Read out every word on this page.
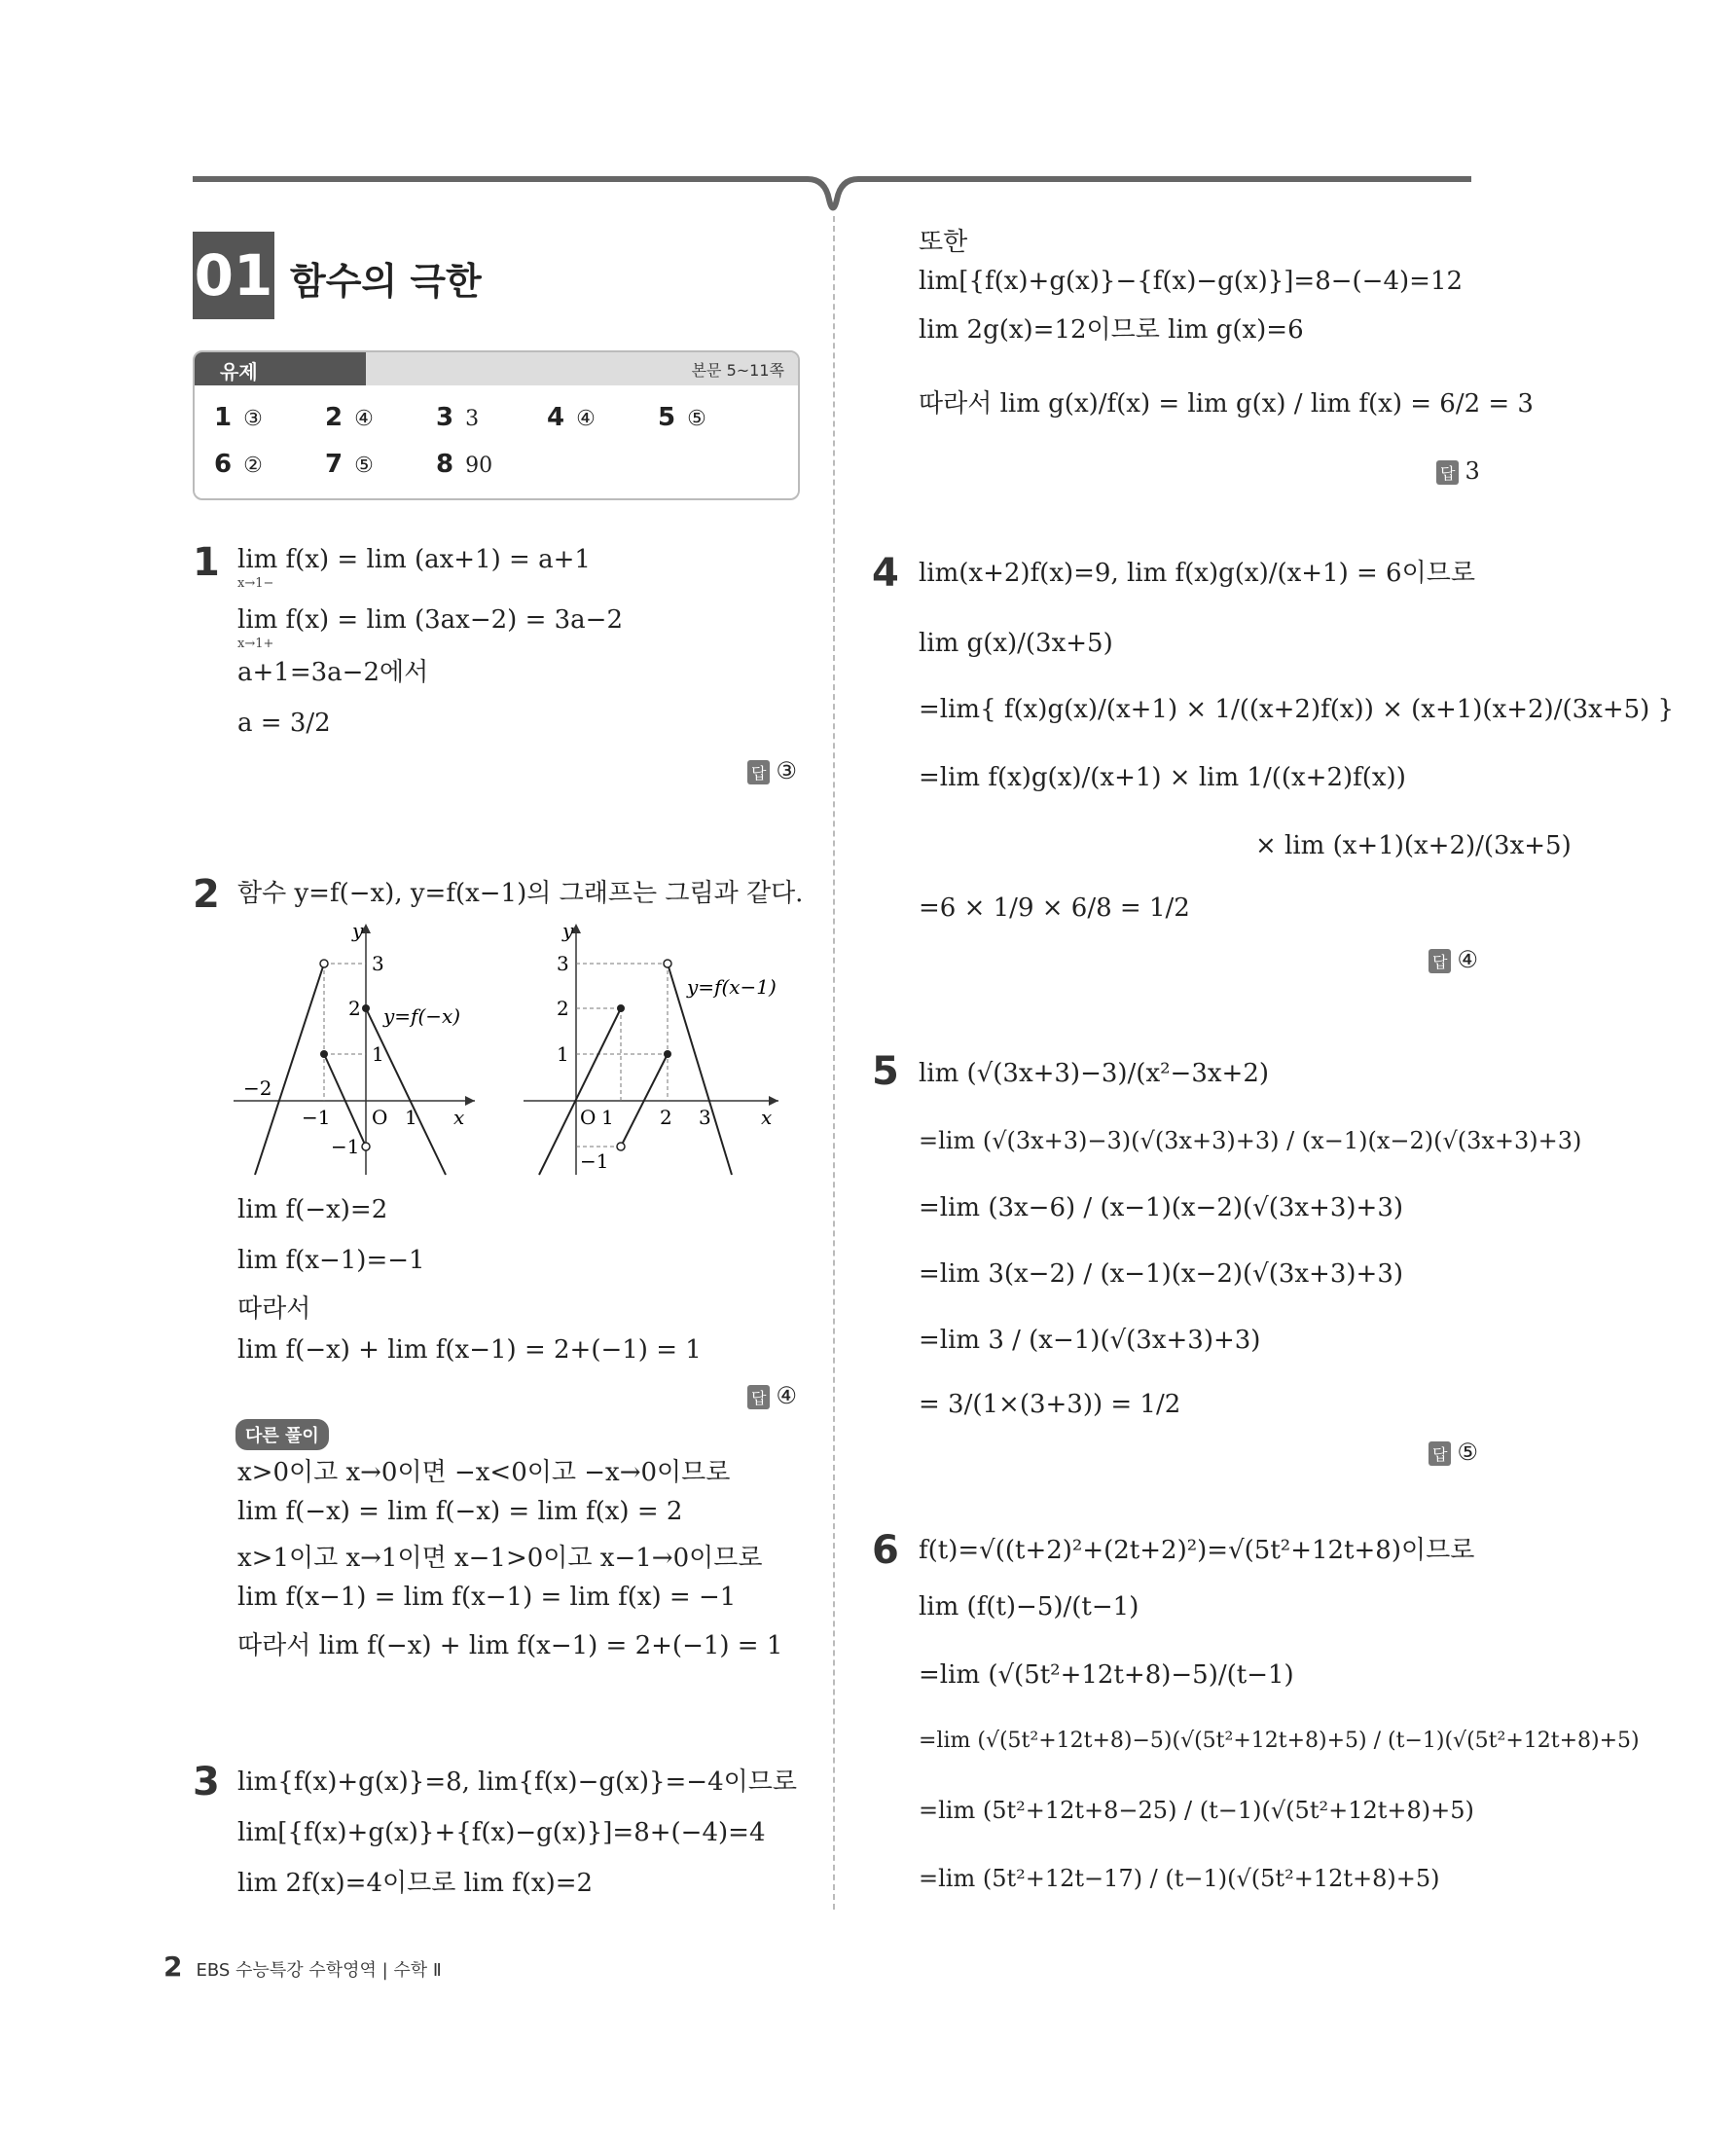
01 함수의 극한
유제	본문 5~11쪽
1 ③ 2 ④ 3 3	4 ④ 5 ⑤
6 ② 7 ⑤ 8 90
1 lim f(x) = lim (ax+1) = a+1
x→1−
lim f(x) = lim (3ax−2) = 3a−2
x→1+
a+1=3a−2에서
a = 3/2
답 ③
2 함수 y=f(−x), y=f(x−1)의 그래프는 그림과 같다.
y
x
3
2
1
−1
−2
−1 O 1
y=f(−x)
y
x
3
2
1
−1
O 1 2 3
y=f(x−1)
lim f(−x)=2
lim f(x−1)=−1
따라서
lim f(−x) + lim f(x−1) = 2+(−1) = 1
답 ④
다른 풀이
x>0이고 x→0이면 −x<0이고 −x→0이므로
lim f(−x) = lim f(−x) = lim f(x) = 2
x>1이고 x→1이면 x−1>0이고 x−1→0이므로
lim f(x−1) = lim f(x−1) = lim f(x) = −1
따라서 lim f(−x) + lim f(x−1) = 2+(−1) = 1
3 lim{f(x)+g(x)}=8, lim{f(x)−g(x)}=−4이므로
lim[{f(x)+g(x)}+{f(x)−g(x)}]=8+(−4)=4
lim 2f(x)=4이므로 lim f(x)=2
또한
lim[{f(x)+g(x)}−{f(x)−g(x)}]=8−(−4)=12
lim 2g(x)=12이므로 lim g(x)=6
따라서 lim g(x)/f(x) = lim g(x) / lim f(x) = 6/2 = 3
답 3
4 lim(x+2)f(x)=9, lim f(x)g(x)/(x+1) = 6이므로
lim g(x)/(3x+5)
=lim{ f(x)g(x)/(x+1) × 1/((x+2)f(x)) × (x+1)(x+2)/(3x+5) }
=lim f(x)g(x)/(x+1) × lim 1/((x+2)f(x))
× lim (x+1)(x+2)/(3x+5)
=6 × 1/9 × 6/8 = 1/2
답 ④
5 lim (√(3x+3)−3)/(x²−3x+2)
=lim (√(3x+3)−3)(√(3x+3)+3) / (x−1)(x−2)(√(3x+3)+3)
=lim (3x−6) / (x−1)(x−2)(√(3x+3)+3)
=lim 3(x−2) / (x−1)(x−2)(√(3x+3)+3)
=lim 3 / (x−1)(√(3x+3)+3)
= 3/(1×(3+3)) = 1/2
답 ⑤
6 f(t)=√((t+2)²+(2t+2)²)=√(5t²+12t+8)이므로
lim (f(t)−5)/(t−1)
=lim (√(5t²+12t+8)−5)/(t−1)
=lim (√(5t²+12t+8)−5)(√(5t²+12t+8)+5) / (t−1)(√(5t²+12t+8)+5)
=lim (5t²+12t+8−25) / (t−1)(√(5t²+12t+8)+5)
=lim (5t²+12t−17) / (t−1)(√(5t²+12t+8)+5)
2 EBS 수능특강 수학영역 | 수학 Ⅱ
